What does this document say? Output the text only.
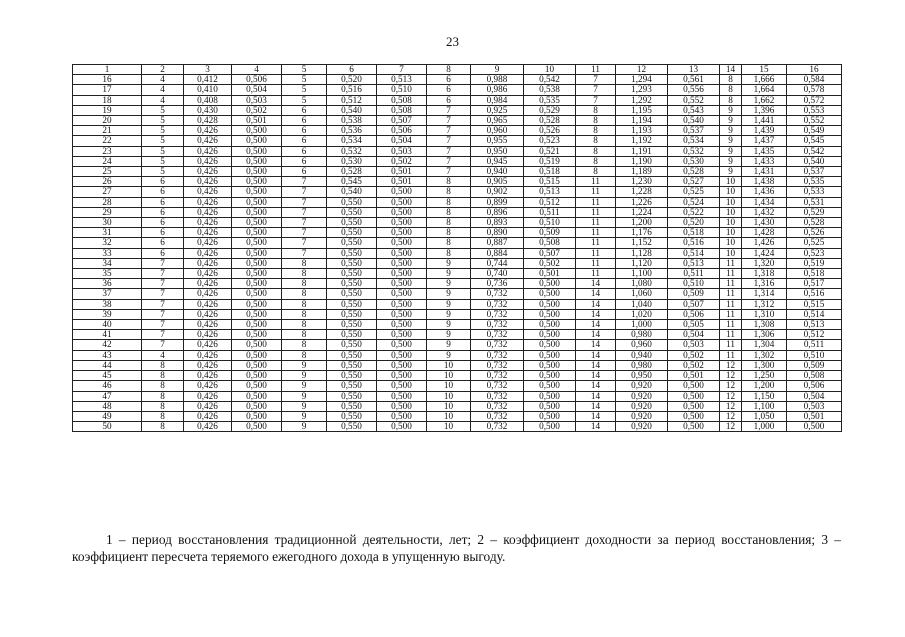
23
1	2	3	4	5	6	7	8	9	10	11	12	13	14	15	16
16	4	0,412	0,506	5	0,520	0,513	6	0,988	0,542	7	1,294	0,561	8	1,666	0,584
17	4	0,410	0,504	5	0,516	0,510	6	0,986	0,538	7	1,293	0,556	8	1,664	0,578
18	4	0,408	0,503	5	0,512	0,508	6	0,984	0,535	7	1,292	0,552	8	1,662	0,572
19	5	0,430	0,502	6	0,540	0,508	7	0,925	0,529	8	1,195	0,543	9	1,396	0,553
20	5	0,428	0,501	6	0,538	0,507	7	0,965	0,528	8	1,194	0,540	9	1,441	0,552
21	5	0,426	0,500	6	0,536	0,506	7	0,960	0,526	8	1,193	0,537	9	1,439	0,549
22	5	0,426	0,500	6	0,534	0,504	7	0,955	0,523	8	1,192	0,534	9	1,437	0,545
23	5	0,426	0,500	6	0,532	0,503	7	0,950	0,521	8	1,191	0,532	9	1,435	0,542
24	5	0,426	0,500	6	0,530	0,502	7	0,945	0,519	8	1,190	0,530	9	1,433	0,540
25	5	0,426	0,500	6	0,528	0,501	7	0,940	0,518	8	1,189	0,528	9	1,431	0,537
26	6	0,426	0,500	7	0,545	0,501	8	0,905	0,515	11	1,230	0,527	10	1,438	0,535
27	6	0,426	0,500	7	0,540	0,500	8	0,902	0,513	11	1,228	0,525	10	1,436	0,533
28	6	0,426	0,500	7	0,550	0,500	8	0,899	0,512	11	1,226	0,524	10	1,434	0,531
29	6	0,426	0,500	7	0,550	0,500	8	0,896	0,511	11	1,224	0,522	10	1,432	0,529
30	6	0,426	0,500	7	0,550	0,500	8	0,893	0,510	11	1,200	0,520	10	1,430	0,528
31	6	0,426	0,500	7	0,550	0,500	8	0,890	0,509	11	1,176	0,518	10	1,428	0,526
32	6	0,426	0,500	7	0,550	0,500	8	0,887	0,508	11	1,152	0,516	10	1,426	0,525
33	6	0,426	0,500	7	0,550	0,500	8	0,884	0,507	11	1,128	0,514	10	1,424	0,523
34	7	0,426	0,500	8	0,550	0,500	9	0,744	0,502	11	1,120	0,513	11	1,320	0,519
35	7	0,426	0,500	8	0,550	0,500	9	0,740	0,501	11	1,100	0,511	11	1,318	0,518
36	7	0,426	0,500	8	0,550	0,500	9	0,736	0,500	14	1,080	0,510	11	1,316	0,517
37	7	0,426	0,500	8	0,550	0,500	9	0,732	0,500	14	1,060	0,509	11	1,314	0,516
38	7	0,426	0,500	8	0,550	0,500	9	0,732	0,500	14	1,040	0,507	11	1,312	0,515
39	7	0,426	0,500	8	0,550	0,500	9	0,732	0,500	14	1,020	0,506	11	1,310	0,514
40	7	0,426	0,500	8	0,550	0,500	9	0,732	0,500	14	1,000	0,505	11	1,308	0,513
41	7	0,426	0,500	8	0,550	0,500	9	0,732	0,500	14	0,980	0,504	11	1,306	0,512
42	7	0,426	0,500	8	0,550	0,500	9	0,732	0,500	14	0,960	0,503	11	1,304	0,511
43	4	0,426	0,500	8	0,550	0,500	9	0,732	0,500	14	0,940	0,502	11	1,302	0,510
44	8	0,426	0,500	9	0,550	0,500	10	0,732	0,500	14	0,980	0,502	12	1,300	0,509
45	8	0,426	0,500	9	0,550	0,500	10	0,732	0,500	14	0,950	0,501	12	1,250	0,508
46	8	0,426	0,500	9	0,550	0,500	10	0,732	0,500	14	0,920	0,500	12	1,200	0,506
47	8	0,426	0,500	9	0,550	0,500	10	0,732	0,500	14	0,920	0,500	12	1,150	0,504
48	8	0,426	0,500	9	0,550	0,500	10	0,732	0,500	14	0,920	0,500	12	1,100	0,503
49	8	0,426	0,500	9	0,550	0,500	10	0,732	0,500	14	0,920	0,500	12	1,050	0,501
50	8	0,426	0,500	9	0,550	0,500	10	0,732	0,500	14	0,920	0,500	12	1,000	0,500
1 – период восстановления традиционной деятельности, лет; 2 – коэффициент доходности за период восстановления; 3 – коэффициент пересчета теряемого ежегодного дохода в упущенную выгоду.
